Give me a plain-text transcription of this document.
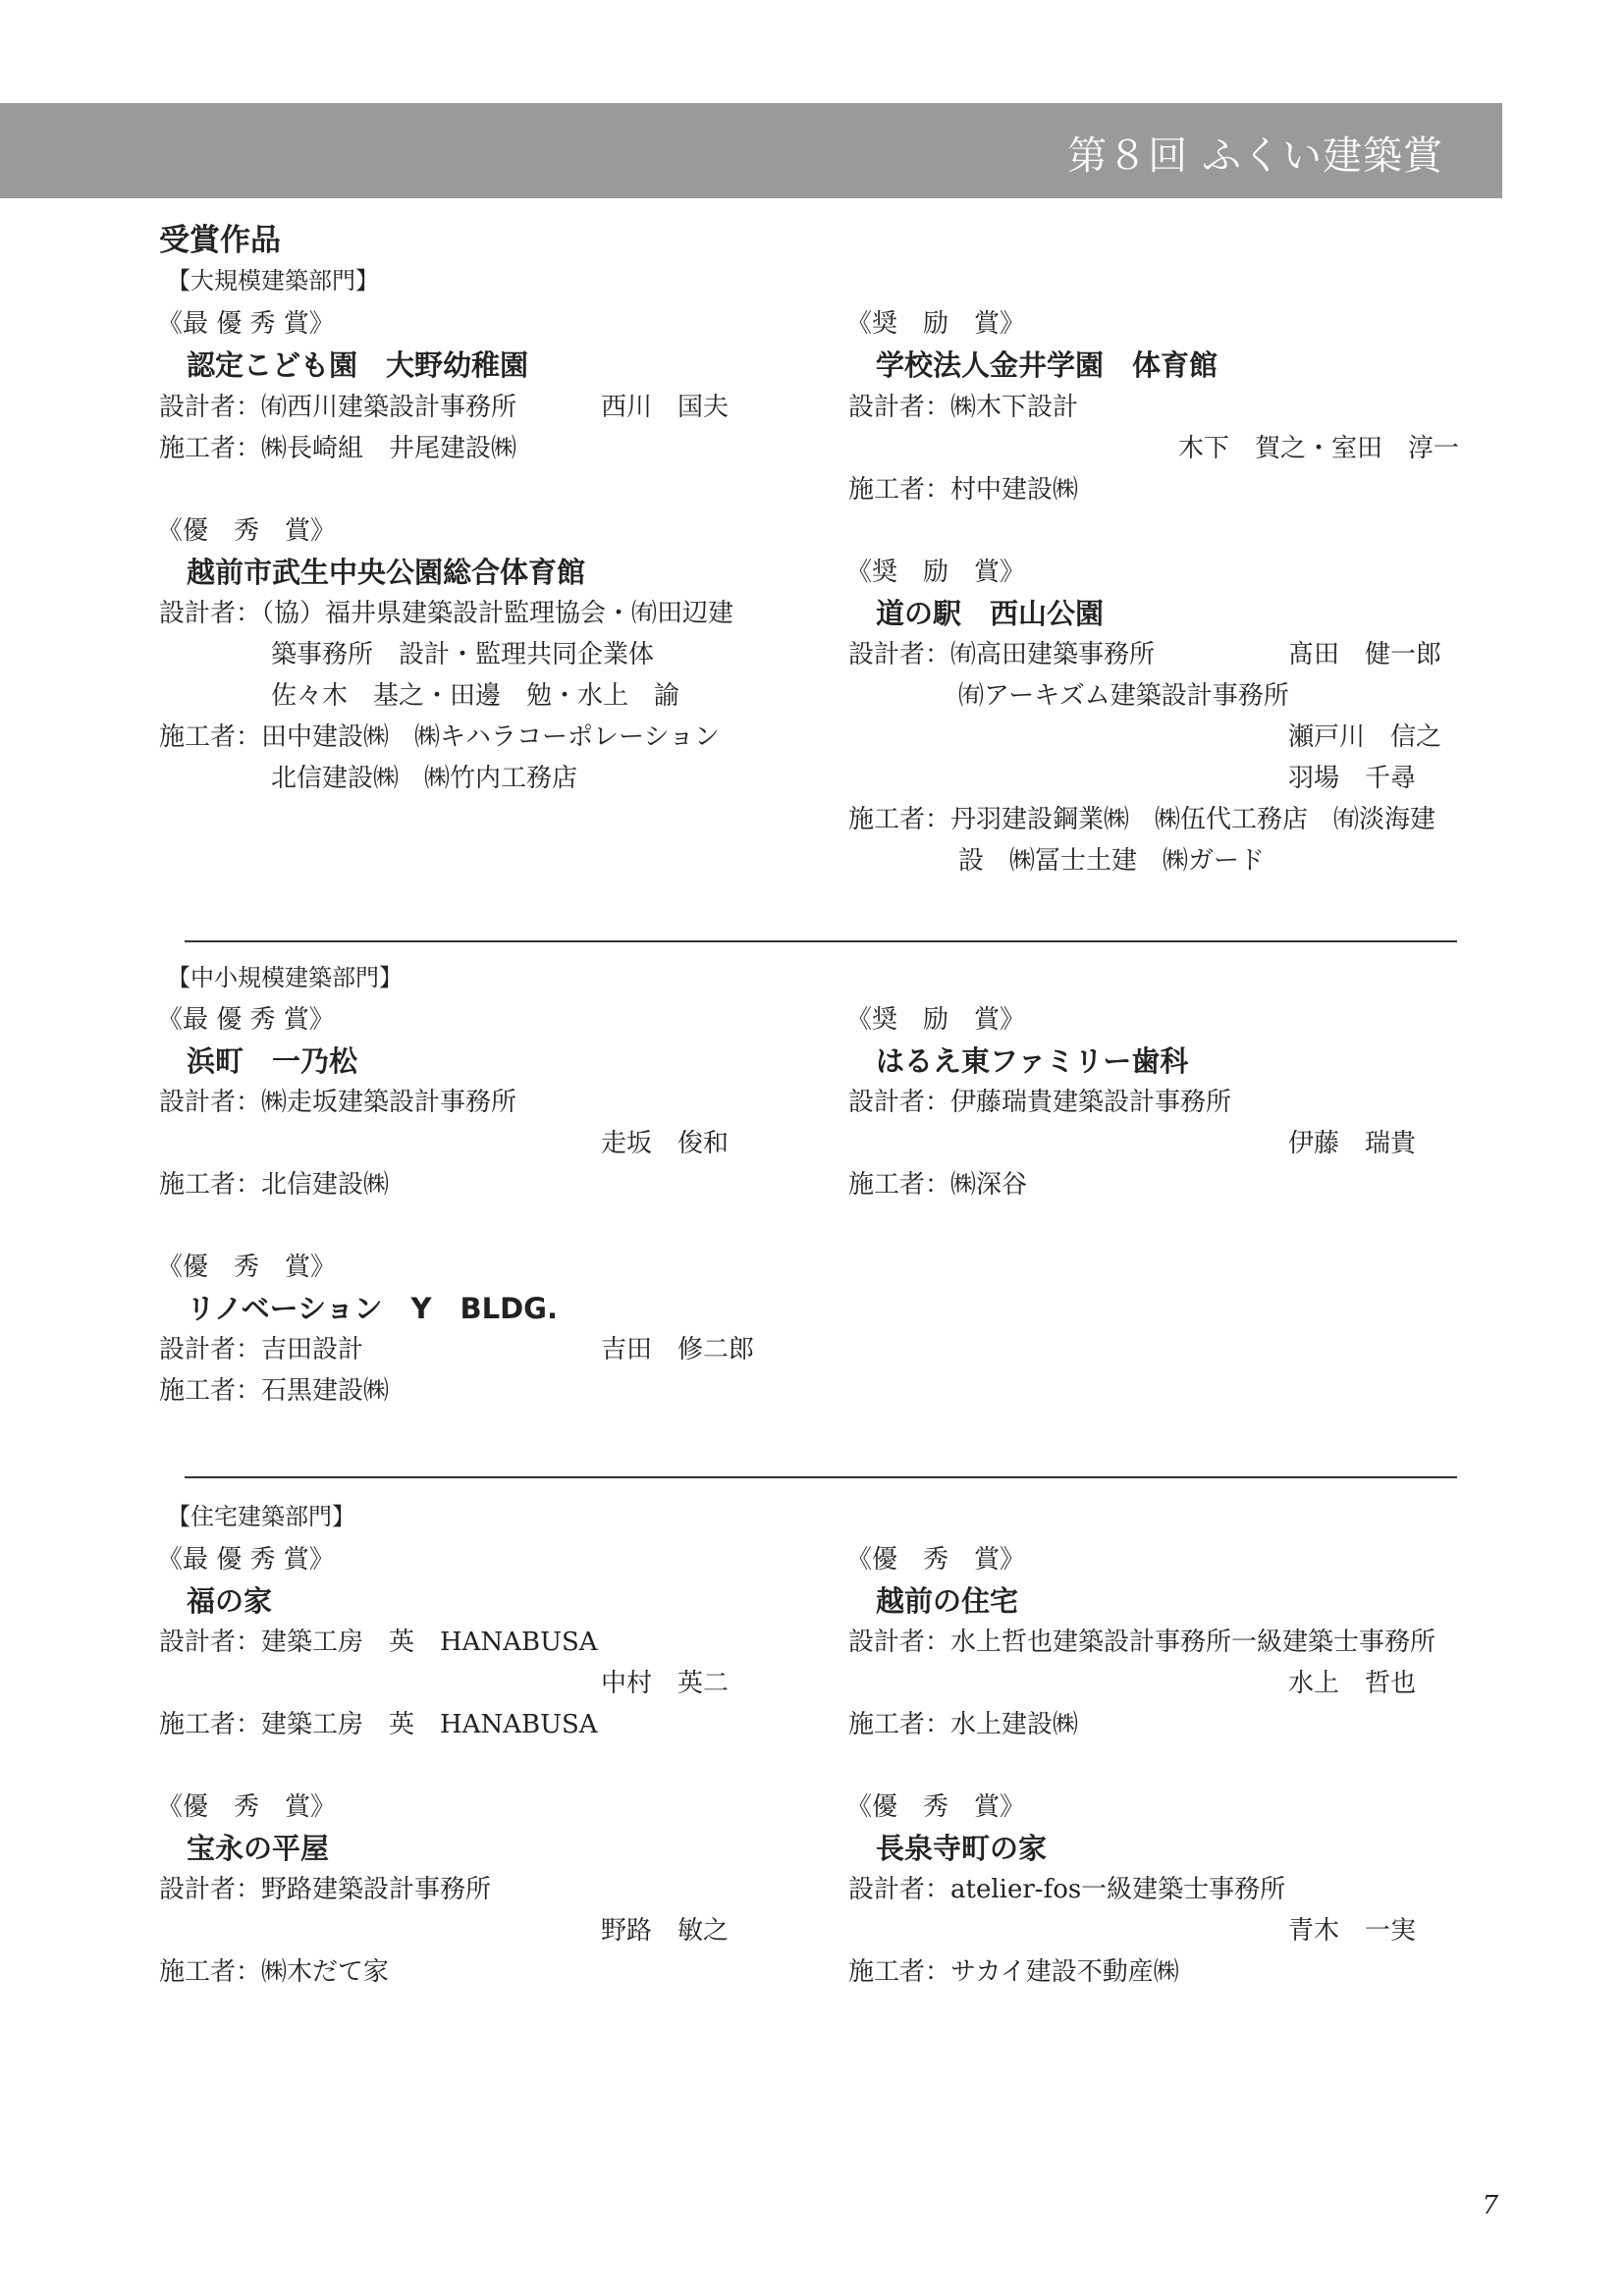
第８回 ふくい建築賞
受賞作品
【大規模建築部門】
《最 優 秀 賞》
認定こども園　大野幼稚園
設計者：㈲西川建築設計事務所	西川　国夫
施工者：㈱長崎組　井尾建設㈱
《奨　励　賞》
学校法人金井学園　体育館
設計者：㈱木下設計
木下　賀之・室田　淳一
施工者：村中建設㈱
《優　秀　賞》
越前市武生中央公園総合体育館
設計者：（協）福井県建築設計監理協会・㈲田辺建
築事務所　設計・監理共同企業体
佐々木　基之・田邊　勉・水上　諭
施工者：田中建設㈱　㈱キハラコーポレーション
北信建設㈱　㈱竹内工務店
《奨　励　賞》
道の駅　西山公園
設計者：㈲高田建築事務所	髙田　健一郎
㈲アーキズム建築設計事務所
瀬戸川　信之
羽場　千尋
施工者：丹羽建設鋼業㈱　㈱伍代工務店　㈲淡海建
設　㈱冨士土建　㈱ガード
【中小規模建築部門】
《最 優 秀 賞》
浜町　一乃松
設計者：㈱走坂建築設計事務所
走坂　俊和
施工者：北信建設㈱
《奨　励　賞》
はるえ東ファミリー歯科
設計者：伊藤瑞貴建築設計事務所
伊藤　瑞貴
施工者：㈱深谷
《優　秀　賞》
リノベーション　Y　BLDG.
設計者：吉田設計	吉田　修二郎
施工者：石黒建設㈱
【住宅建築部門】
《最 優 秀 賞》
福の家
設計者：建築工房　英　HANABUSA
中村　英二
施工者：建築工房　英　HANABUSA
《優　秀　賞》
越前の住宅
設計者：水上哲也建築設計事務所一級建築士事務所
水上　哲也
施工者：水上建設㈱
《優　秀　賞》
宝永の平屋
設計者：野路建築設計事務所
野路　敏之
施工者：㈱木だて家
《優　秀　賞》
長泉寺町の家
設計者：atelier-fos一級建築士事務所
青木　一実
施工者：サカイ建設不動産㈱
7
